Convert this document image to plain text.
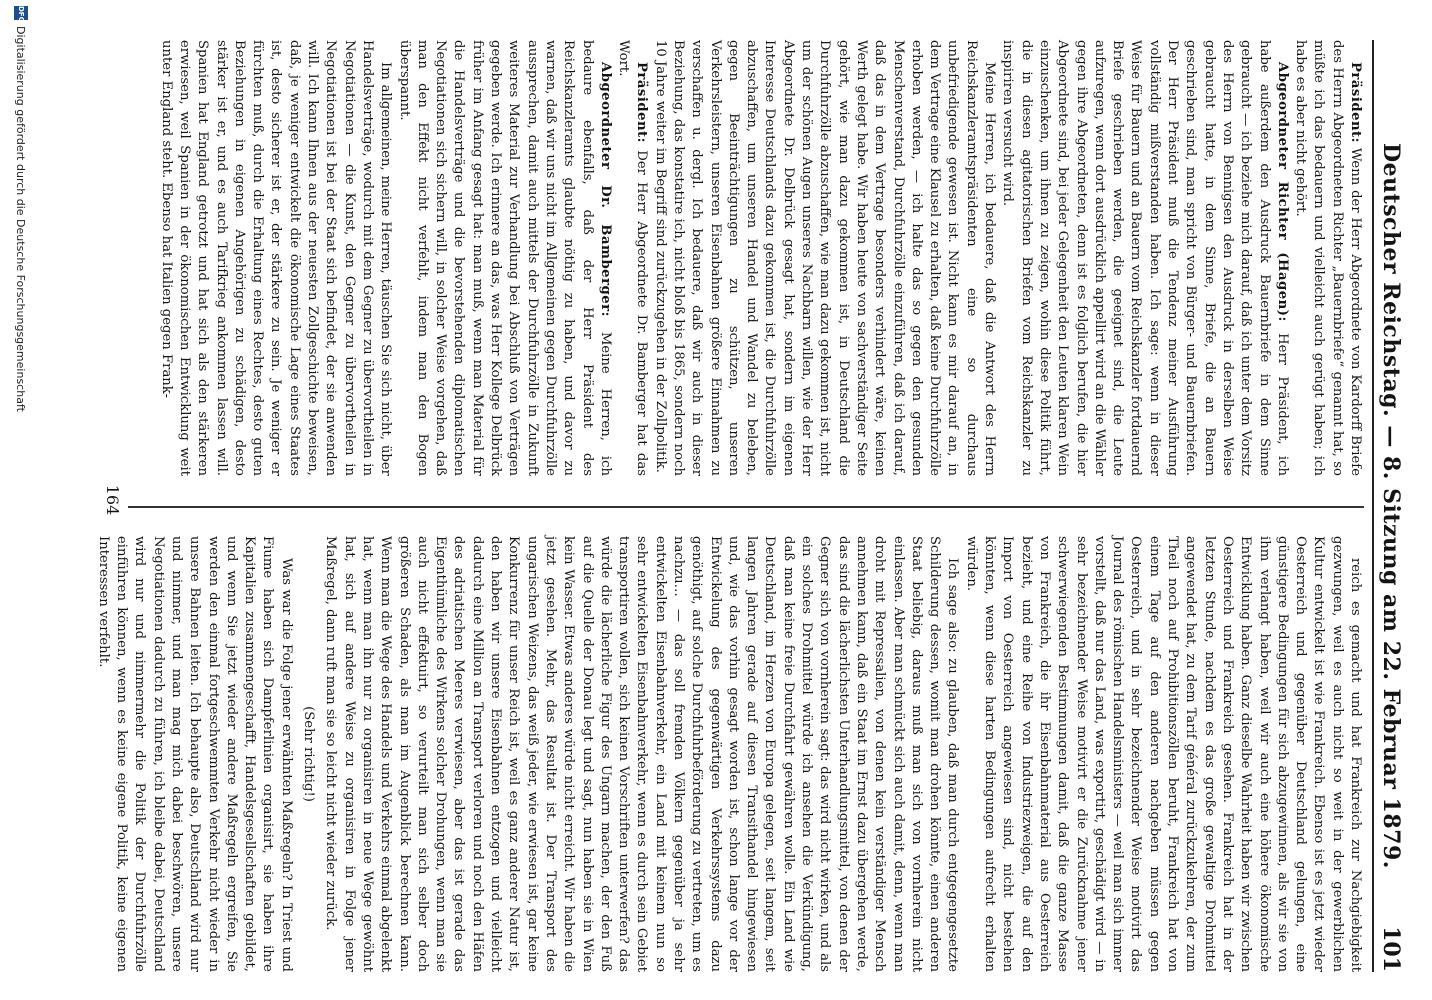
Deutscher Reichstag. — 8. Sitzung am 22. Februar 1879.
101

Präsident: Wenn der Herr Abgeordnete von Kardorff Briefe des Herrn Abgeordneten Richter „Bauernbriefe“ genannt hat, so müßte ich das bedauern und vielleicht auch gerügt haben; ich habe es aber nicht gehört.

Abgeordneter Richter (Hagen): Herr Präsident, ich habe außerdem den Ausdruck Bauernbriefe in dem Sinne gebraucht — ich beziehe mich darauf, daß ich unter dem Vorsitz des Herrn von Bennigsen den Ausdruck in derselben Weise gebraucht hatte, in dem Sinne, Briefe, die an Bauern geschrieben sind, man spricht von Bürger- und Bauernbriefen. Der Herr Präsident muß die Tendenz meiner Ausführung vollständig mißverstanden haben. Ich sage: wenn in dieser Weise für Bauern und an Bauern vom Reichskanzler fortdauernd Briefe geschrieben werden, die geeignet sind, die Leute aufzuregen, wenn dort ausdrücklich appellirt wird an die Wähler gegen ihre Abgeordneten, denn ist es folglich berufen, die hier Abgeordnete sind, bei jeder Gelegenheit den Leuten klaren Wein einzuschenken, um ihnen zu zeigen, wohin diese Politik führt, die in diesen agitatorischen Briefen vom Reichskanzler zu inspiriren versucht wird.

Meine Herren, ich bedauere, daß die Antwort des Herrn Reichskanzleramtspräsidenten eine so durchaus unbefriedigende gewesen ist. Nicht kann es mir darauf an, in dem Vertrage eine Klausel zu erhalten, daß keine Durchfuhrzölle erhoben werden, — ich halte das so gegen den gesunden Menschenverstand, Durchfuhrzölle einzuführen, daß ich darauf, daß das in dem Vertrage besonders verhindert wäre, keinen Werth gelegt habe. Wir haben heute von sachverständiger Seite gehört, wie man dazu gekommen ist, in Deutschland die Durchfuhrzölle abzuschaffen, wie man dazu gekommen ist, nicht um der schönen Augen unseres Nachbarn willen, wie der Herr Abgeordnete Dr. Delbrück gesagt hat, sondern im eigenen Interesse Deutschlands dazu gekommen ist, die Durchfuhrzölle abzuschaffen, um unseren Handel und Wandel zu beleben, gegen Beeinträchtigungen zu schützen, unseren Verkehrsleistern, unseren Eisenbahnen größere Einnahmen zu verschaffen u. dergl. Ich bedauere, daß wir auch in dieser Beziehung, das konstatire ich, nicht bloß bis 1865, sondern noch 10 Jahre weiter im Begriff sind zurückzugehen in der Zollpolitik.

Präsident: Der Herr Abgeordnete Dr. Bamberger hat das Wort.

Abgeordneter Dr. Bamberger: Meine Herren, ich bedaure ebenfalls, daß der Herr Präsident des Reichskanzleramts glaubte nöthig zu haben, und davor zu warnen, daß wir uns nicht im Allgemeinen gegen Durchfuhrzölle aussprechen, damit auch mittels der Durchfuhrzölle in Zukunft weiteres Material zur Verhandlung bei Abschluß von Verträgen gegeben werde. Ich erinnere an das, was Herr Kollege Delbrück früher im Anfang gesagt hat: man muß, wenn man Material für die Handelsverträge und die bevorstehenden diplomatischen Negotiationen sich sichern will, in solcher Weise vorgehen, daß man den Effekt nicht verfehlt, indem man den Bogen überspannt.

Im allgemeinen, meine Herren, täuschen Sie sich nicht, über Handelsverträge, wodurch mit dem Gegner zu übervortheilen in Negotiationen — die Kunst, den Gegner zu übervortheilen in Negotiationen ist bei der Staat sich befindet, der sie anwenden will. Ich kann Ihnen aus der neuesten Zollgeschichte beweisen, daß, je weniger entwickelt die ökonomische Lage eines Staates ist, desto sicherer ist er, der stärkere zu sein. Je weniger er fürchten muß, durch die Erhaltung eines Rechtes, desto guten Beziehungen in eigenen Angehörigen zu schädigen, desto stärker ist er, und es auch Tarifkrieg ankommen lassen will. Spanien hat England getrotzt und hat sich als den stärkeren erwiesen, weil Spanien in der ökonomischen Entwicklung weit unter England steht. Ebenso hat Italien gegen Frank-

reich es gemacht und hat Frankreich zur Nachgiebigkeit gezwungen, weil es auch nicht so weit in der gewerblichen Kultur entwickelt ist wie Frankreich. Ebenso ist es jetzt wieder Oesterreich und gegenüber Deutschland gelungen, eine günstigere Bedingungen für sich abzugewinnen, als wir sie von ihm verlangt haben, weil wir auch eine höhere ökonomische Entwicklung haben. Ganz dieselbe Wahrheit haben wir zwischen Oesterreich und Frankreich gesehen. Frankreich hat in der letzten Stunde, nachdem es das große gewaltige Drohmittel angewendet hat, zu dem Tarif général zurückzukehren, der zum Theil noch auf Prohibitionszöllen beruht, Frankreich hat von einem Tage auf den anderen nachgeben müssen gegen Oesterreich, und in sehr bezeichnender Weise motivirt das Journal des römischen Handelsministers — weil man sich immer vorstellt, daß nur das Land, was exportirt, geschädigt wird — in sehr bezeichnender Weise motivirt er die Zurücknahme jener schwerwiegenden Bestimmungen damit, daß die ganze Masse von Frankreich, die ihr Eisenbahnmaterial aus Oesterreich bezieht, und eine Reihe von Industriezweigen, die auf den Import von Oesterreich angewiesen sind, nicht bestehen könnten, wenn diese harten Bedingungen aufrecht erhalten würden.

Ich sage also: zu glauben, daß man durch entgegengesetzte Schilderung dessen, womit man drohen könnte, einen anderen Staat beliebig, daraus muß man sich von vornherein nicht einlassen. Aber man schmückt sich auch damit, denn, wenn man droht mit Repressalien, von denen kein verständiger Mensch annehmen kann, daß ein Staat im Ernst dazu übergehen werde, das sind die lächerlichsten Unterhandlungsmittel, von denen der Gegner sich von vornherein sagt: das wird nicht wirken, und als ein solches Drohmittel würde ich ansehen die Verkündigung, daß man keine freie Durchfahrt gewähren wolle. Ein Land wie Deutschland, im Herzen von Europa gelegen, seit langem, seit langen Jahren gerade auf diesen Transithandel hingewiesen und, wie das vorhin gesagt worden ist, schon lange vor der Entwickelung des gegenwärtigen Verkehrssystems dazu genöthigt, auf solche Durchfuhrbeförderung zu vertreten, um es nachzu… — das soll fremden Völkern gegenüber ja sehr entwickelten Eisenbahnverkehr, ein Land mit keinem nun so sehr entwickelten Eisenbahnverkehr, wenn es durch sein Gebiet transportiren wollen, sich keinen Vorschriften unterwerfen? das würde die lächerliche Figur des Ungarn machen, der den Fuß auf die Quelle der Donau legt und sagt, nun haben sie in Wien kein Wasser. Etwas anderes würde nicht erreicht. Wir haben die jetzt gesehen. Mehr, das Resultat ist. Der Transport des ungarischen Weizens, das weiß jeder, wie erwiesen ist, gar keine Konkurrenz für unser Reich ist, weil es ganz anderer Natur ist, den haben wir unsere Eisenbahnen entzogen und vielleicht dadurch eine Million an Transport verloren und noch den Häfen des adriatischen Meeres verwiesen, aber das ist gerade das Eigenthümliche des Wirkens solcher Drohungen, wenn man sie auch nicht effektuirt, so verurteilt man sich selber doch größeren Schaden, als man im Augenblick berechnen kann. Wenn man die Wege des Handels und Verkehrs einmal abgelenkt hat, wenn man ihn nur zu organisiren in neue Wege gewöhnt hat, sich auf andere Weise zu organisiren in Folge jener Maßregel, dann ruft man sie so leicht nicht wieder zurück.

(Sehr richtig!)

Was war die Folge jener erwähnten Maßregeln? In Triest und Fiume haben sich Dampferlinien organisirt, sie haben ihre Kapitalien zusammengeschafft, Handelsgesellschaften gebildet, und wenn Sie jetzt wieder andere Maßregeln ergreifen, Sie werden den einmal fortgeschwemmten Verkehr nicht wieder in unsere Bahnen leiten. Ich behaupte also, Deutschland wird nur und nimmer, und man mag mich dabei beschwören, unsere Negotiationen dadurch zu führen, ich bleibe dabei, Deutschland wird nur und nimmermehr die Politik der Durchfuhrzölle einführen können, wenn es keine eigene Politik, keine eigenen Interessen verfehlt.

164
DFG
Digitalisierung gefördert durch die Deutsche Forschungsgemeinschaft
